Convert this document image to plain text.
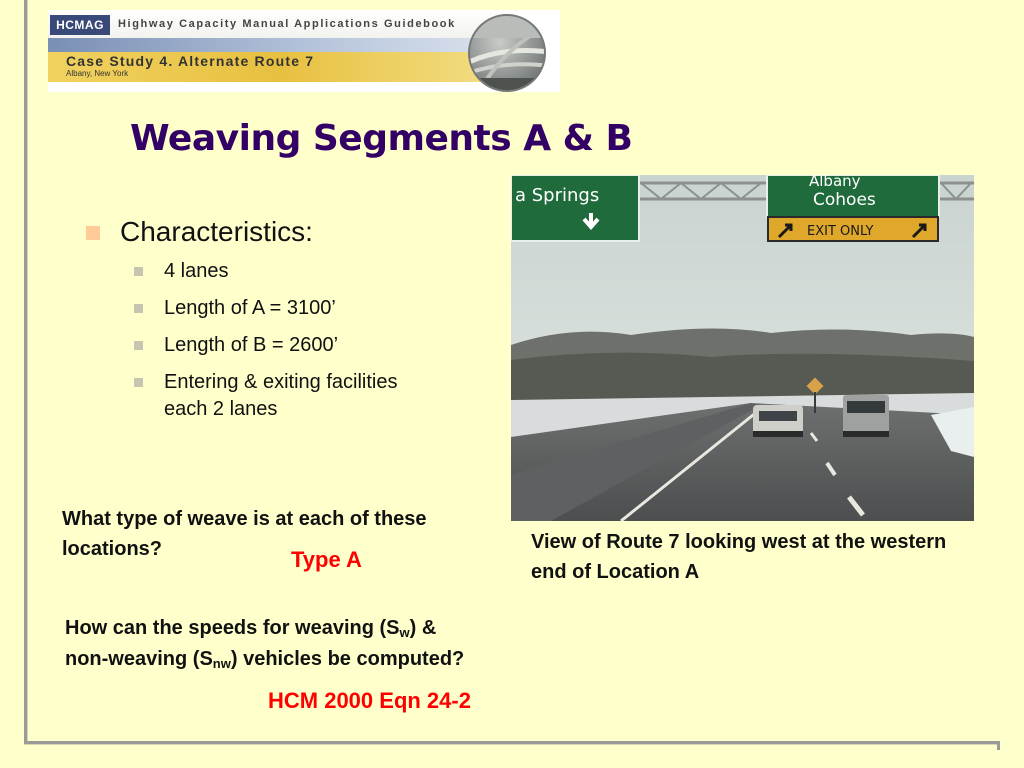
HCMAG	Highway Capacity Manual Applications Guidebook
Case Study 4. Alternate Route 7
Albany, New York
Weaving Segments A & B
Characteristics:
4 lanes
Length of A = 3100’
Length of B = 2600’
Entering & exiting facilities
each 2 lanes
a Springs
Albany
Cohoes
EXIT ONLY
What type of weave is at each of these locations?	Type A
View of Route 7 looking west at the western end of Location A
How can the speeds for weaving $(S_w)$ & non-weaving $(S_{nw})$ vehicles be computed?
HCM 2000 Eqn 24-2
